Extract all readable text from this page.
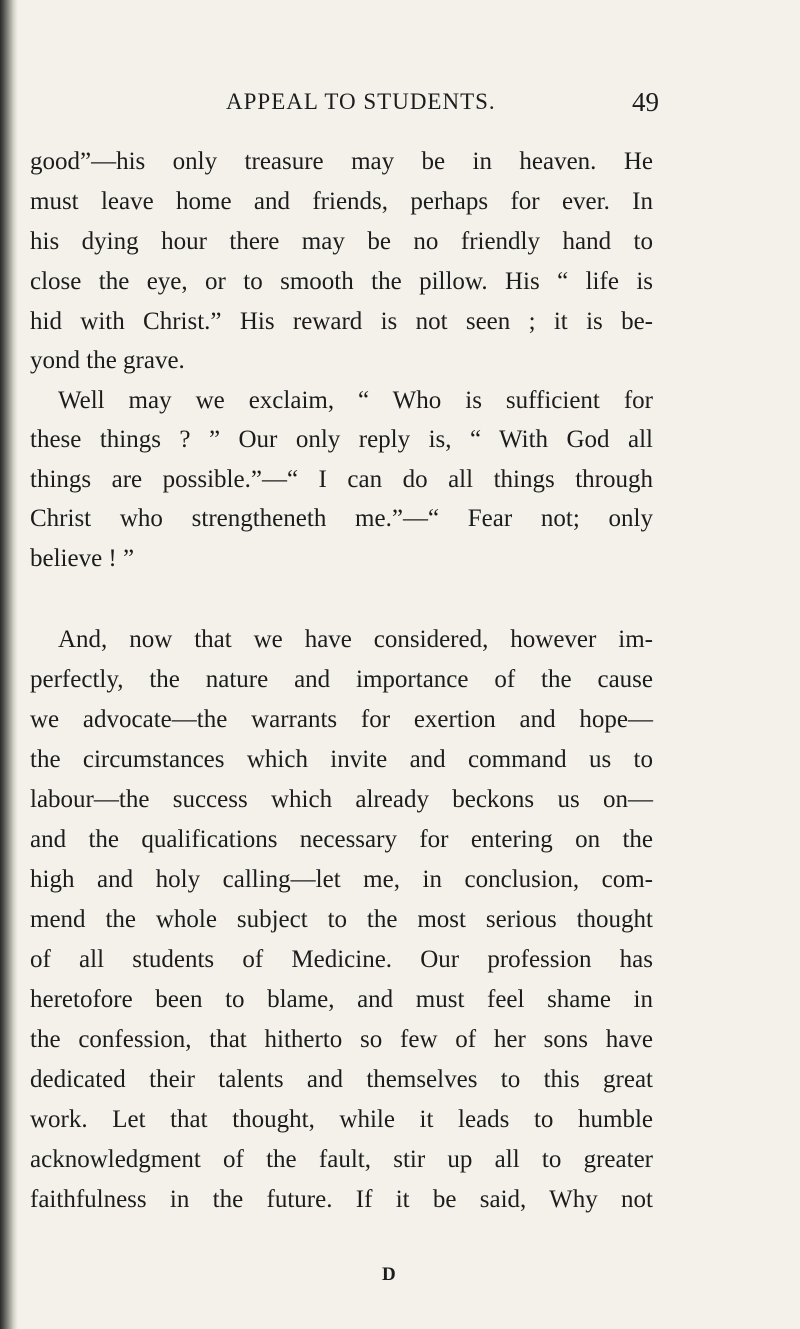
APPEAL TO STUDENTS.	49
good”—his only treasure may be in heaven. He
must leave home and friends, perhaps for ever. In
his dying hour there may be no friendly hand to
close the eye, or to smooth the pillow. His “ life is
hid with Christ.” His reward is not seen ; it is be-
yond the grave.
Well may we exclaim, “ Who is sufficient for
these things ? ” Our only reply is, “ With God all
things are possible.”—“ I can do all things through
Christ who strengtheneth me.”—“ Fear not; only
believe ! ”
And, now that we have considered, however im-
perfectly, the nature and importance of the cause
we advocate—the warrants for exertion and hope—
the circumstances which invite and command us to
labour—the success which already beckons us on—
and the qualifications necessary for entering on the
high and holy calling—let me, in conclusion, com-
mend the whole subject to the most serious thought
of all students of Medicine. Our profession has
heretofore been to blame, and must feel shame in
the confession, that hitherto so few of her sons have
dedicated their talents and themselves to this great
work. Let that thought, while it leads to humble
acknowledgment of the fault, stir up all to greater
faithfulness in the future. If it be said, Why not
D
